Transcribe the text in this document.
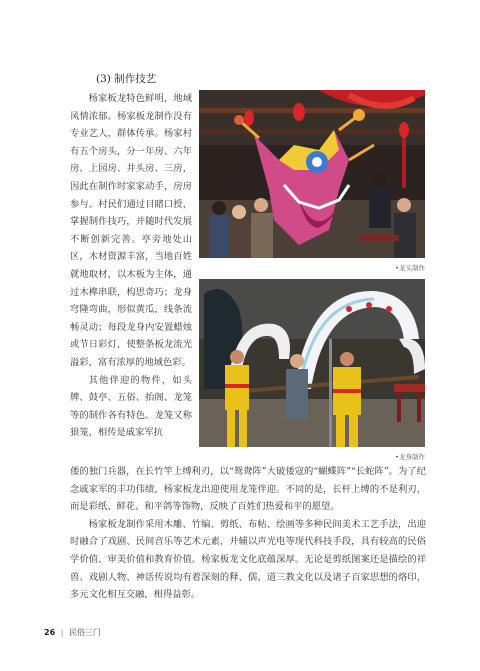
(3) 制作技艺

杨家板龙特色鲜明，地域风情浓郁。杨家板龙制作没有专业艺人，群体传承。杨家村有五个房头，分一年房、六年房、上园房、井头房、三房，因此在制作时家家动手，房房参与。村民们通过目睹口授，掌握制作技巧，并随时代发展不断创新完善。亭旁地处山区，木材资源丰富，当地百姓就地取材，以木板为主体，通过木榫串联，构思奇巧；龙身穹隆弯曲，形似黄瓜，线条流畅灵动；每段龙身内安置蜡烛或节日彩灯，使整条板龙流光溢彩，富有浓厚的地域色彩。

其他伴迎的物件，如头牌、鼓亭、五俗、抬阁、龙笼等的制作各有特色。龙笼又称狼笼，相传是戚家军抗

•龙头制作
•龙身制作

倭的独门兵器，在长竹竿上缚利刃，以“鸳鸯阵”大破倭寇的“蝴蝶阵”“长蛇阵”。为了纪念戚家军的丰功伟绩，杨家板龙出迎使用龙笼伴迎。不同的是，长杆上缚的不是利刃，而是彩纸、鲜花、和平鸽等饰物，反映了百姓们热爱和平的愿望。

杨家板龙制作采用木雕、竹编、剪纸、布帖、绘画等多种民间美术工艺手法，出迎时融合了戏剧、民间音乐等艺术元素，并辅以声光电等现代科技手段，具有较高的民俗学价值、审美价值和教育价值。杨家板龙文化底蕴深厚。无论是剪纸图案还是描绘的祥兽、戏剧人物、神话传说均有着深刻的释、儒、道三教文化以及诸子百家思想的烙印，多元文化相互交融，相得益彰。

26 | 民俗三门
